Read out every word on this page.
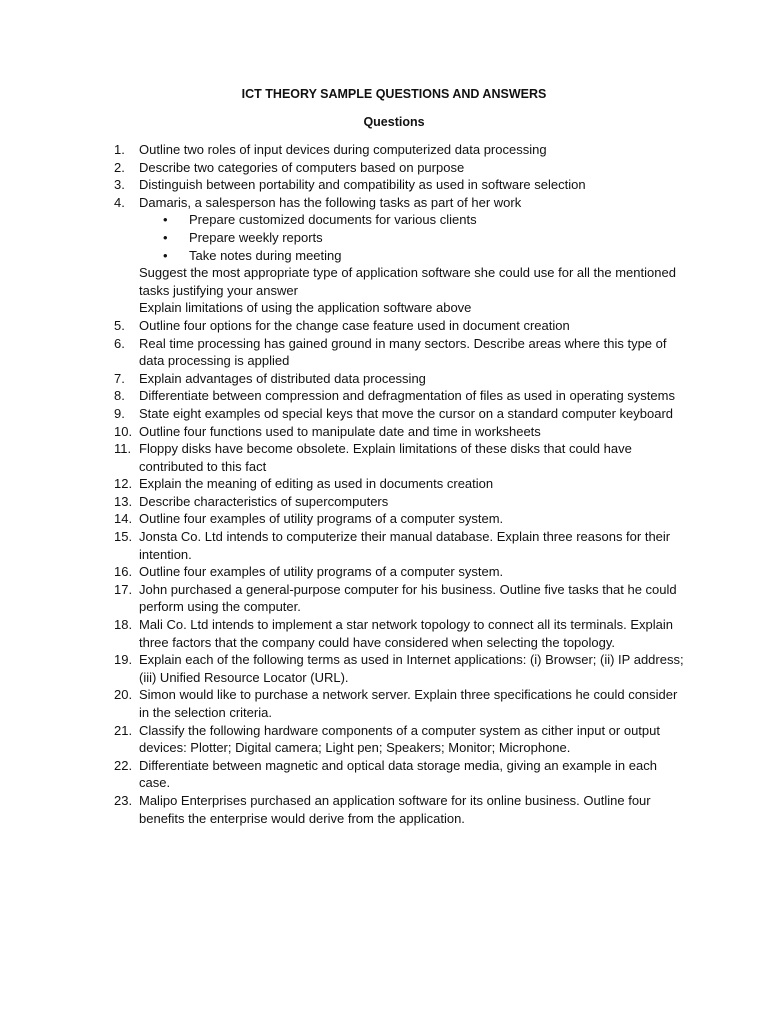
ICT THEORY SAMPLE QUESTIONS AND ANSWERS
Questions
1.	Outline two roles of input devices during computerized data processing
2.	Describe two categories of computers based on purpose
3.	Distinguish between portability and compatibility as used in software selection
4.	Damaris, a salesperson has the following tasks as part of her work
• Prepare customized documents for various clients
• Prepare weekly reports
• Take notes during meeting
Suggest the most appropriate type of application software she could use for all the mentioned tasks justifying your answer
Explain limitations of using the application software above
5.	Outline four options for the change case feature used in document creation
6.	Real time processing has gained ground in many sectors. Describe areas where this type of data processing is applied
7.	Explain advantages of distributed data processing
8.	Differentiate between compression and defragmentation of files as used in operating systems
9.	State eight examples od special keys that move the cursor on a standard computer keyboard
10. Outline four functions used to manipulate date and time in worksheets
11. Floppy disks have become obsolete. Explain limitations of these disks that could have contributed to this fact
12. Explain the meaning of editing as used in documents creation
13. Describe characteristics of supercomputers
14. Outline four examples of utility programs of a computer system.
15. Jonsta Co. Ltd intends to computerize their manual database. Explain three reasons for their intention.
16. Outline four examples of utility programs of a computer system.
17. John purchased a general-purpose computer for his business. Outline five tasks that he could perform using the computer.
18. Mali Co. Ltd intends to implement a star network topology to connect all its terminals. Explain three factors that the company could have considered when selecting the topology.
19. Explain each of the following terms as used in Internet applications: (i) Browser; (ii) IP address; (iii) Unified Resource Locator (URL).
20. Simon would like to purchase a network server. Explain three specifications he could consider in the selection criteria.
21. Classify the following hardware components of a computer system as cither input or output devices: Plotter; Digital camera; Light pen; Speakers; Monitor; Microphone.
22. Differentiate between magnetic and optical data storage media, giving an example in each case.
23. Malipo Enterprises purchased an application software for its online business. Outline four benefits the enterprise would derive from the application.
